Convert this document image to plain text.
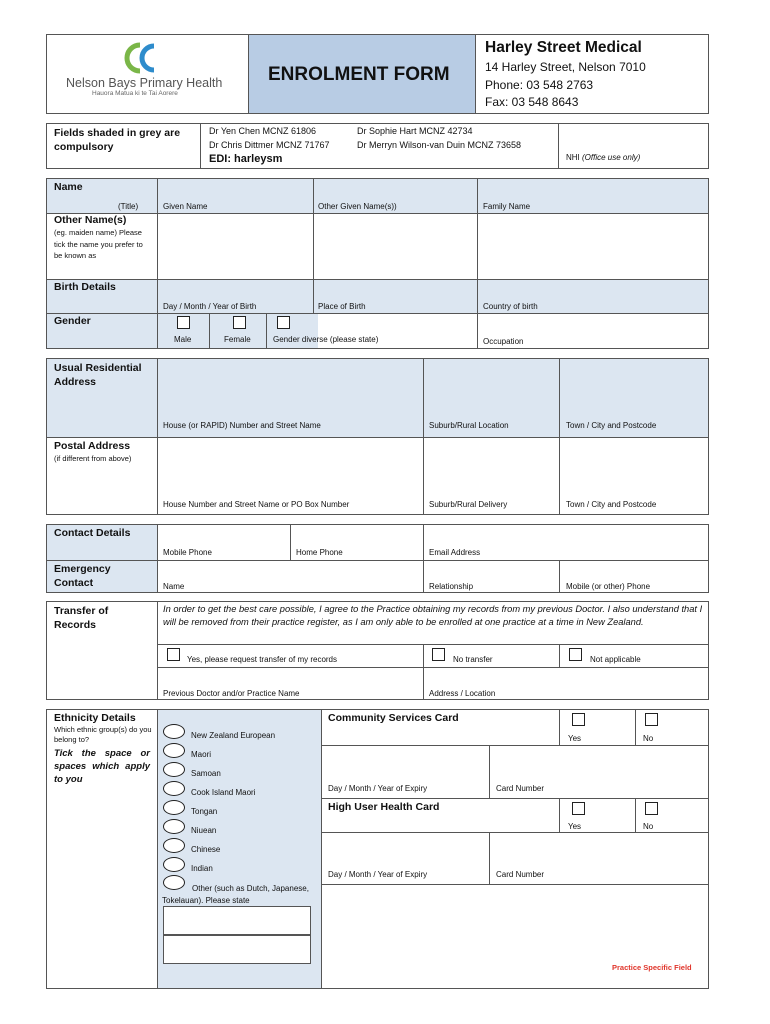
Nelson Bays Primary Health
Hauora Matua ki te Tai Aorere
ENROLMENT FORM
Harley Street Medical
14 Harley Street, Nelson 7010
Phone: 03 548 2763
Fax: 03 548 8643
Fields shaded in grey are compulsory
Dr Yen Chen MCNZ 61806	Dr Sophie Hart MCNZ 42734
Dr Chris Dittmer MCNZ 71767	Dr Merryn Wilson-van Duin MCNZ 73658
EDI: harleysm	NHI (Office use only)
Name
(Title)	Given Name	Other Given Name(s))	Family Name
Other Name(s)
(eg. maiden name) Please tick the name you prefer to be known as
Birth Details
Day / Month / Year of Birth	Place of Birth	Country of birth
Gender
Male	Female	Gender diverse (please state)	Occupation
Usual Residential Address
House (or RAPID) Number and Street Name	Suburb/Rural Location	Town / City and Postcode
Postal Address
(if different from above)
House Number and Street Name or PO Box Number	Suburb/Rural Delivery	Town / City and Postcode
Contact Details
Mobile Phone	Home Phone	Email Address
Emergency Contact	Name	Relationship	Mobile (or other) Phone
Transfer of Records
In order to get the best care possible, I agree to the Practice obtaining my records from my previous Doctor. I also understand that I will be removed from their practice register, as I am only able to be enrolled at one practice at a time in New Zealand.
Yes, please request transfer of my records	No transfer	Not applicable
Previous Doctor and/or Practice Name	Address / Location
Ethnicity Details
Which ethnic group(s) do you belong to?
Tick the space or spaces which apply to you
New Zealand European
Maori
Samoan
Cook Island Maori
Tongan
Niuean
Chinese
Indian
Other (such as Dutch, Japanese, Tokelauan). Please state
Community Services Card
Yes	No
Day / Month / Year of Expiry	Card Number
High User Health Card
Yes	No
Day / Month / Year of Expiry	Card Number
Practice Specific Field
